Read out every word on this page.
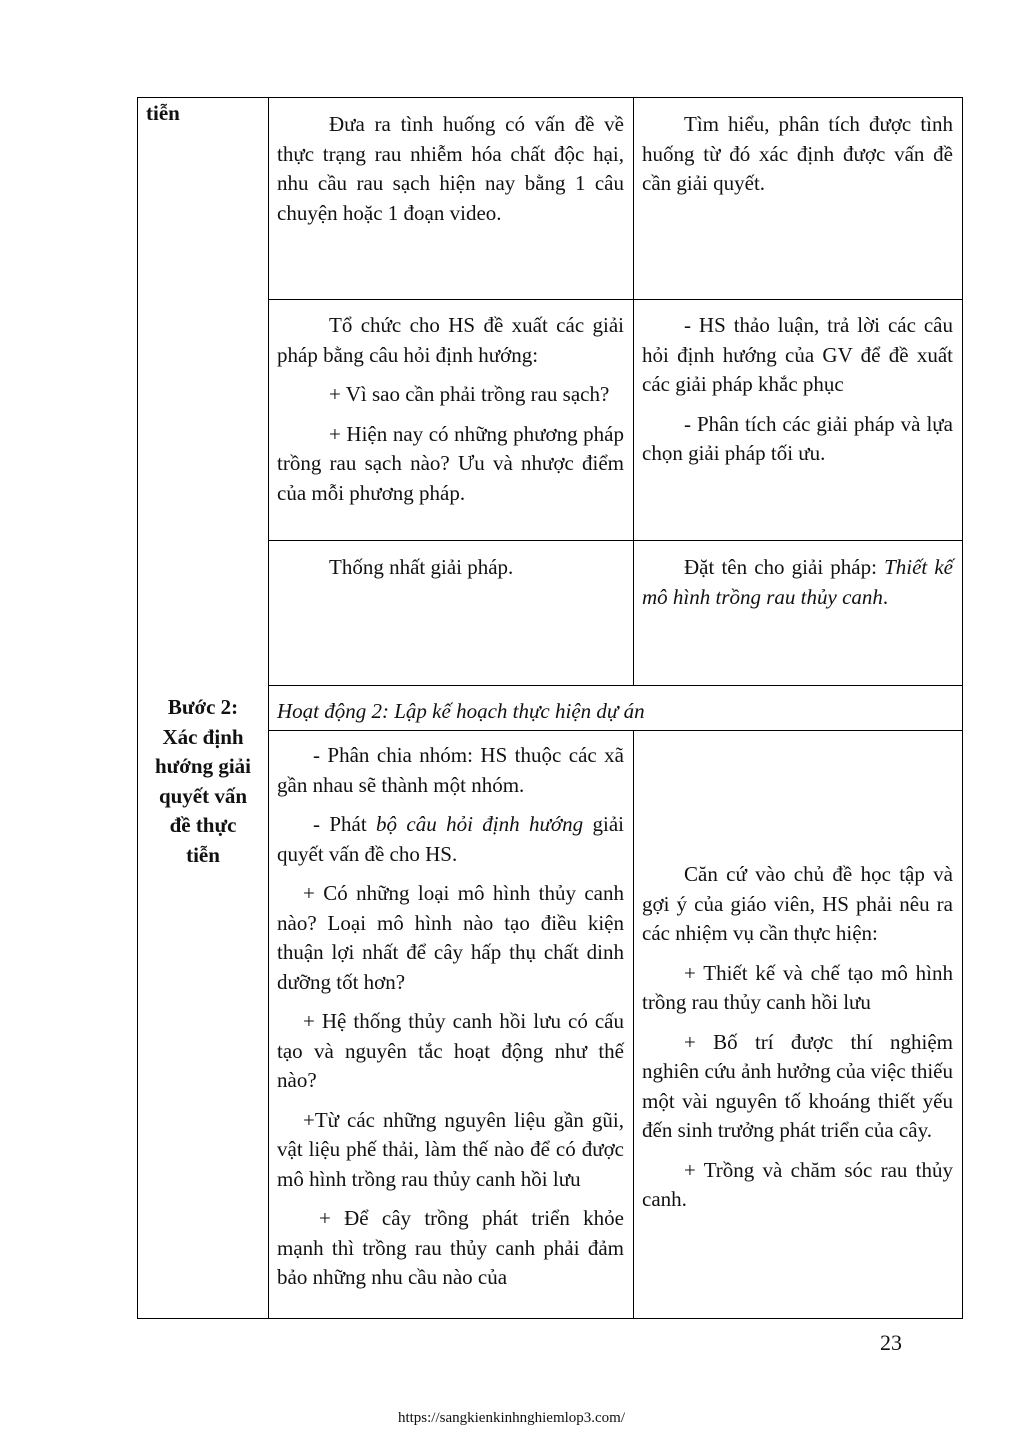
tiễn
Bước 2:
Xác định
hướng giải
quyết vấn
đề thực
tiễn

Đưa ra tình huống có vấn đề về thực trạng rau nhiễm hóa chất độc hại, nhu cầu rau sạch hiện nay bằng 1 câu chuyện hoặc 1 đoạn video.

Tìm hiểu, phân tích được tình huống từ đó xác định được vấn đề cần giải quyết.

Tổ chức cho HS đề xuất các giải pháp bằng câu hỏi định hướng:

+ Vì sao cần phải trồng rau sạch?

+ Hiện nay có những phương pháp trồng rau sạch nào? Ưu và nhược điểm của mỗi phương pháp.

- HS thảo luận, trả lời các câu hỏi định hướng của GV để đề xuất các giải pháp khắc phục

- Phân tích các giải pháp và lựa chọn giải pháp tối ưu.

Thống nhất giải pháp.	Đặt tên cho giải pháp: Thiết kế mô hình trồng rau thủy canh.

Hoạt động 2: Lập kế hoạch thực hiện dự án

- Phân chia nhóm: HS thuộc các xã gần nhau sẽ thành một nhóm.

- Phát bộ câu hỏi định hướng giải quyết vấn đề cho HS.

+ Có những loại mô hình thủy canh nào? Loại mô hình nào tạo điều kiện thuận lợi nhất để cây hấp thụ chất dinh dưỡng tốt hơn?

+ Hệ thống thủy canh hồi lưu có cấu tạo và nguyên tắc hoạt động như thế nào?

+Từ các những nguyên liệu gần gũi, vật liệu phế thải, làm thế nào để có được mô hình trồng rau thủy canh hồi lưu

+ Để cây trồng phát triển khỏe mạnh thì trồng rau thủy canh phải đảm bảo những nhu cầu nào của

Căn cứ vào chủ đề học tập và gợi ý của giáo viên, HS phải nêu ra các nhiệm vụ cần thực hiện:

+ Thiết kế và chế tạo mô hình trồng rau thủy canh hồi lưu

+ Bố trí được thí nghiệm nghiên cứu ảnh hưởng của việc thiếu một vài nguyên tố khoáng thiết yếu đến sinh trưởng phát triển của cây.

+ Trồng và chăm sóc rau thủy canh.

23
https://sangkienkinhnghiemlop3.com/
